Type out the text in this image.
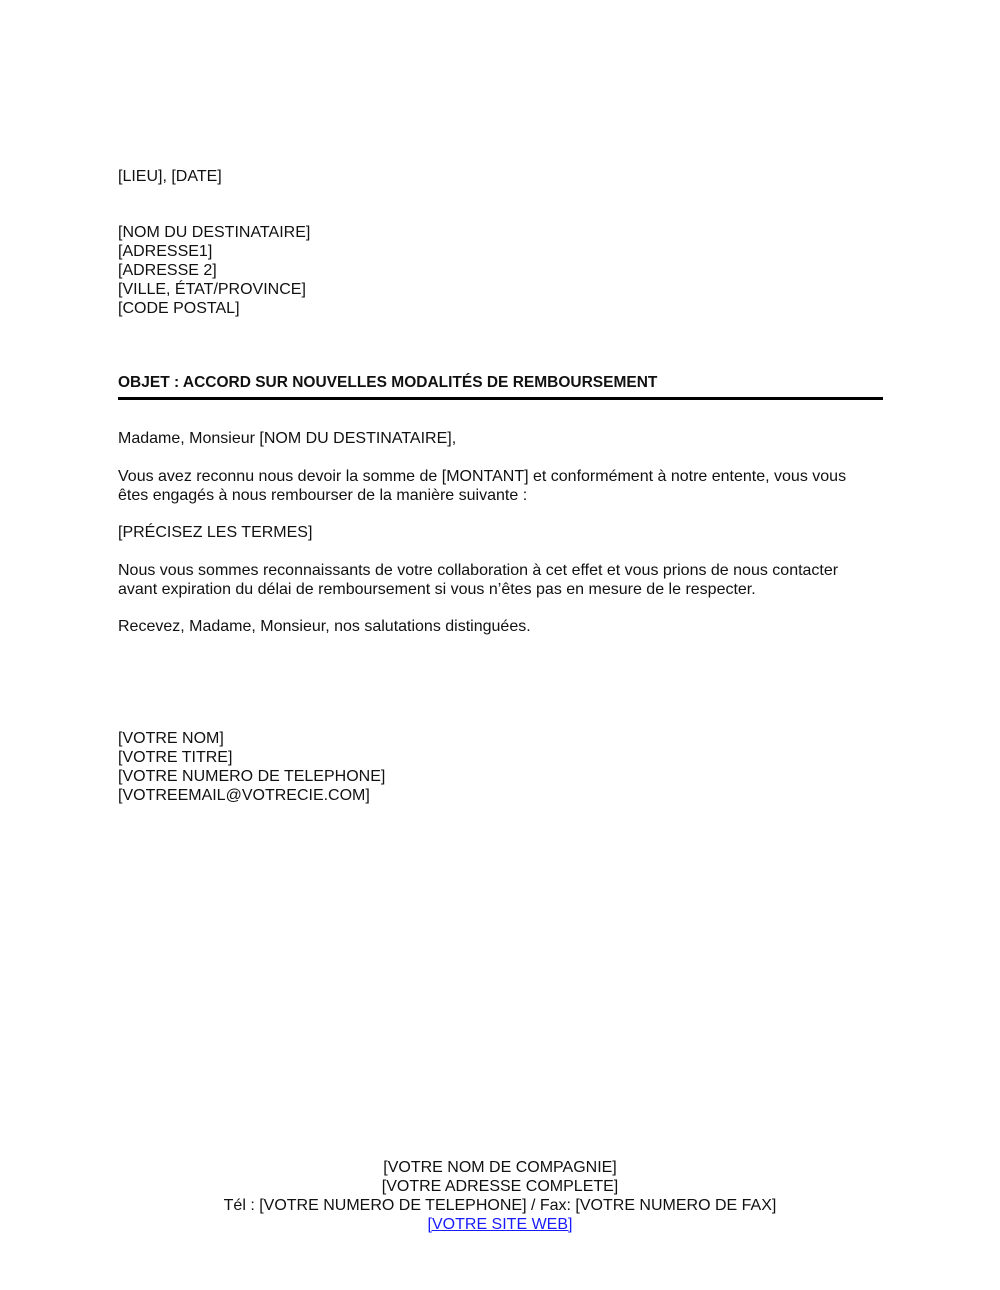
[LIEU], [DATE]
[NOM DU DESTINATAIRE]
[ADRESSE1]
[ADRESSE 2]
[VILLE, ÉTAT/PROVINCE]
[CODE POSTAL]
OBJET : ACCORD SUR NOUVELLES MODALITÉS DE REMBOURSEMENT
Madame, Monsieur [NOM DU DESTINATAIRE],
Vous avez reconnu nous devoir la somme de [MONTANT] et conformément à notre entente, vous vous êtes engagés à nous rembourser de la manière suivante :
[PRÉCISEZ LES TERMES]
Nous vous sommes reconnaissants de votre collaboration à cet effet et vous prions de nous contacter avant expiration du délai de remboursement si vous n’êtes pas en mesure de le respecter.
Recevez, Madame, Monsieur, nos salutations distinguées.
[VOTRE NOM]
[VOTRE TITRE]
[VOTRE NUMERO DE TELEPHONE]
[VOTREEMAIL@VOTRECIE.COM]
[VOTRE NOM DE COMPAGNIE]
[VOTRE ADRESSE COMPLETE]
Tél : [VOTRE NUMERO DE TELEPHONE] / Fax: [VOTRE NUMERO DE FAX]
[VOTRE SITE WEB]
